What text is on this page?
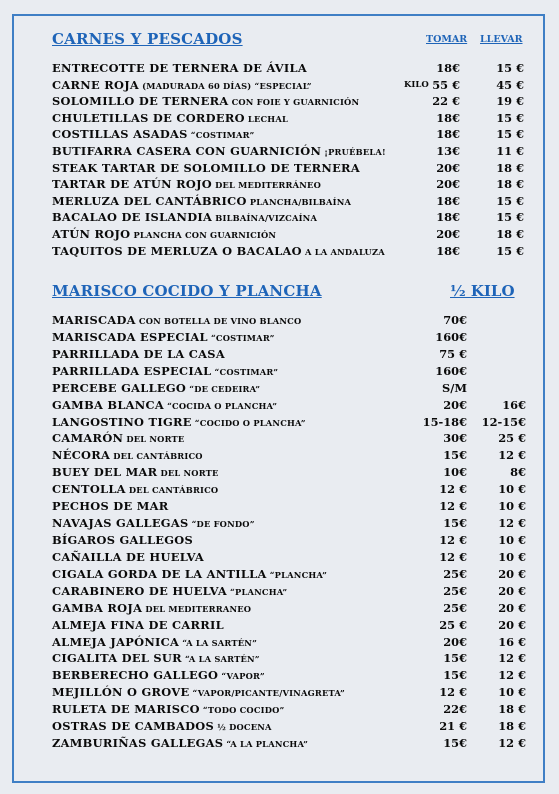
CARNES Y PESCADOS	TOMAR LLEVAR
ENTRECOTTE DE TERNERA DE ÁVILA	18€	15 €
CARNE ROJA (MADURADA 60 DÍAS) “ESPECIAL”	KILO 55 €	45 €
SOLOMILLO DE TERNERA CON FOIE Y GUARNICIÓN	22 €	19 €
CHULETILLAS DE CORDERO LECHAL	18€	15 €
COSTILLAS ASADAS “COSTIMAR”	18€	15 €
BUTIFARRA CASERA CON GUARNICIÓN ¡PRUÉBELA!	13€	11 €
STEAK TARTAR DE SOLOMILLO DE TERNERA	20€	18 €
TARTAR DE ATÚN ROJO DEL MEDITERRÁNEO	20€	18 €
MERLUZA DEL CANTÁBRICO PLANCHA/BILBAÍNA	18€	15 €
BACALAO DE ISLANDIA BILBAÍNA/VIZCAÍNA	18€	15 €
ATÚN ROJO PLANCHA CON GUARNICIÓN	20€	18 €
TAQUITOS DE MERLUZA O BACALAO A LA ANDALUZA	18€	15 €
MARISCO COCIDO Y PLANCHA	½ KILO
MARISCADA CON BOTELLA DE VINO BLANCO	70€
MARISCADA ESPECIAL “COSTIMAR”	160€
PARRILLADA DE LA CASA	75 €
PARRILLADA ESPECIAL “COSTIMAR”	160€
PERCEBE GALLEGO “DE CEDEIRA”	S/M
GAMBA BLANCA “COCIDA O PLANCHA”	20€	16€
LANGOSTINO TIGRE “COCIDO O PLANCHA”	15-18€ 12-15€
CAMARÓN DEL NORTE	30€	25 €
NÉCORA DEL CANTÁBRICO	15€	12 €
BUEY DEL MAR DEL NORTE	10€	8€
CENTOLLA DEL CANTÁBRICO	12 €	10 €
PECHOS DE MAR	12 €	10 €
NAVAJAS GALLEGAS “DE FONDO”	15€	12 €
BÍGAROS GALLEGOS	12 €	10 €
CAÑAILLA DE HUELVA	12 €	10 €
CIGALA GORDA DE LA ANTILLA “PLANCHA”	25€	20 €
CARABINERO DE HUELVA “PLANCHA”	25€	20 €
GAMBA ROJA DEL MEDITERRANEO	25€	20 €
ALMEJA FINA DE CARRIL	25 €	20 €
ALMEJA JAPÓNICA “A LA SARTÉN”	20€	16 €
CIGALITA DEL SUR “A LA SARTÉN”	15€	12 €
BERBERECHO GALLEGO “VAPOR”	15€	12 €
MEJILLÓN O GROVE “VAPOR/PICANTE/VINAGRETA”	12 €	10 €
RULETA DE MARISCO “TODO COCIDO”	22€	18 €
OSTRAS DE CAMBADOS ½ DOCENA	21 €	18 €
ZAMBURIÑAS GALLEGAS “A LA PLANCHA”	15€	12 €
